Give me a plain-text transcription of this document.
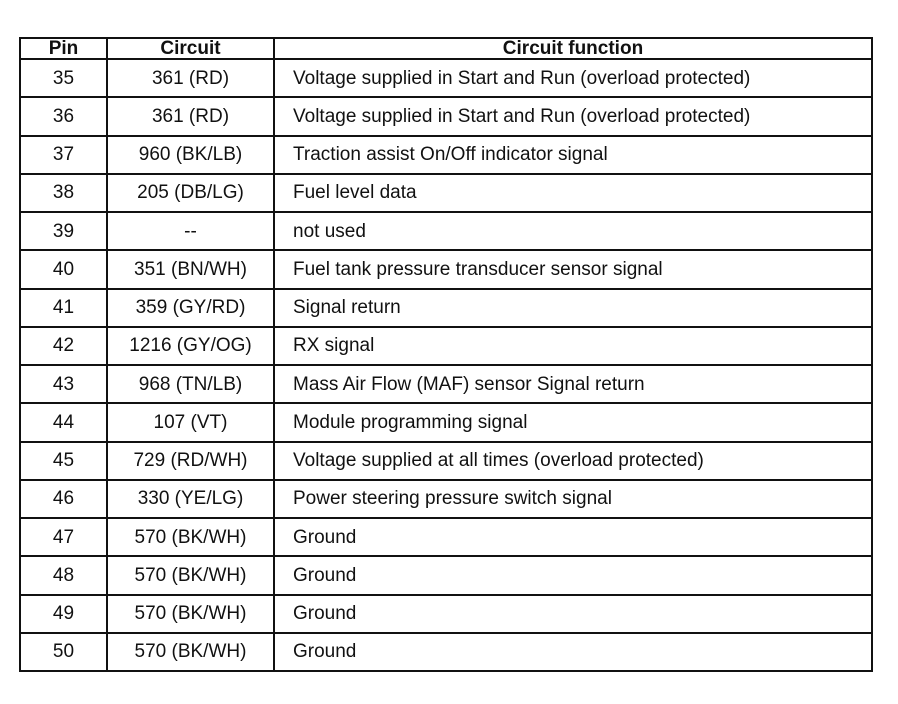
Pin	Circuit	Circuit function
35	361 (RD)	Voltage supplied in Start and Run (overload protected)
36	361 (RD)	Voltage supplied in Start and Run (overload protected)
37	960 (BK/LB)	Traction assist On/Off indicator signal
38	205 (DB/LG)	Fuel level data
39	--	not used
40	351 (BN/WH)	Fuel tank pressure transducer sensor signal
41	359 (GY/RD)	Signal return
42	1216 (GY/OG)	RX signal
43	968 (TN/LB)	Mass Air Flow (MAF) sensor Signal return
44	107 (VT)	Module programming signal
45	729 (RD/WH)	Voltage supplied at all times (overload protected)
46	330 (YE/LG)	Power steering pressure switch signal
47	570 (BK/WH)	Ground
48	570 (BK/WH)	Ground
49	570 (BK/WH)	Ground
50	570 (BK/WH)	Ground
